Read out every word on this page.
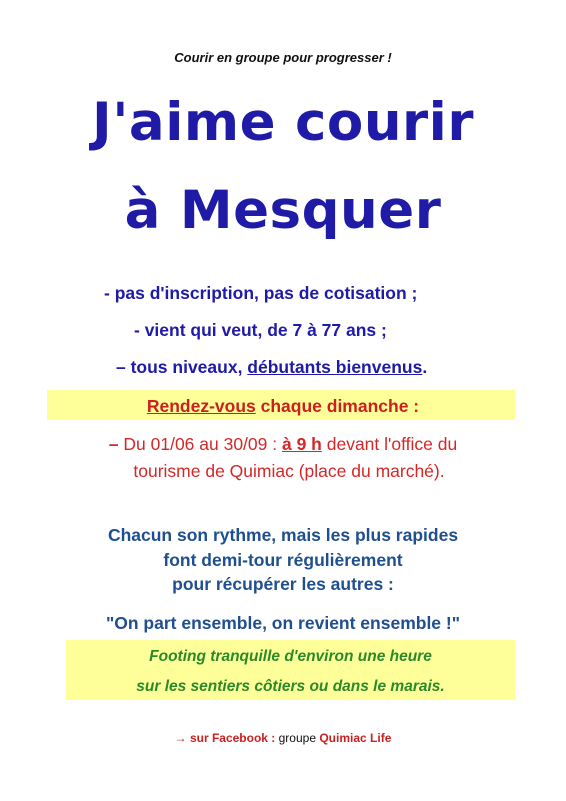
Courir en groupe pour progresser !
J'aime courir
à Mesquer
- pas d'inscription, pas de cotisation ;
- vient qui veut, de 7 à 77 ans ;
– tous niveaux, débutants bienvenus.
Rendez-vous chaque dimanche :
– Du 01/06 au 30/09 : à 9 h devant l'office du
tourisme de Quimiac (place du marché).
Chacun son rythme, mais les plus rapides
font demi-tour régulièrement
pour récupérer les autres :
"On part ensemble, on revient ensemble !"
Footing tranquille d'environ une heure
sur les sentiers côtiers ou dans le marais.
→ sur Facebook : groupe Quimiac Life
